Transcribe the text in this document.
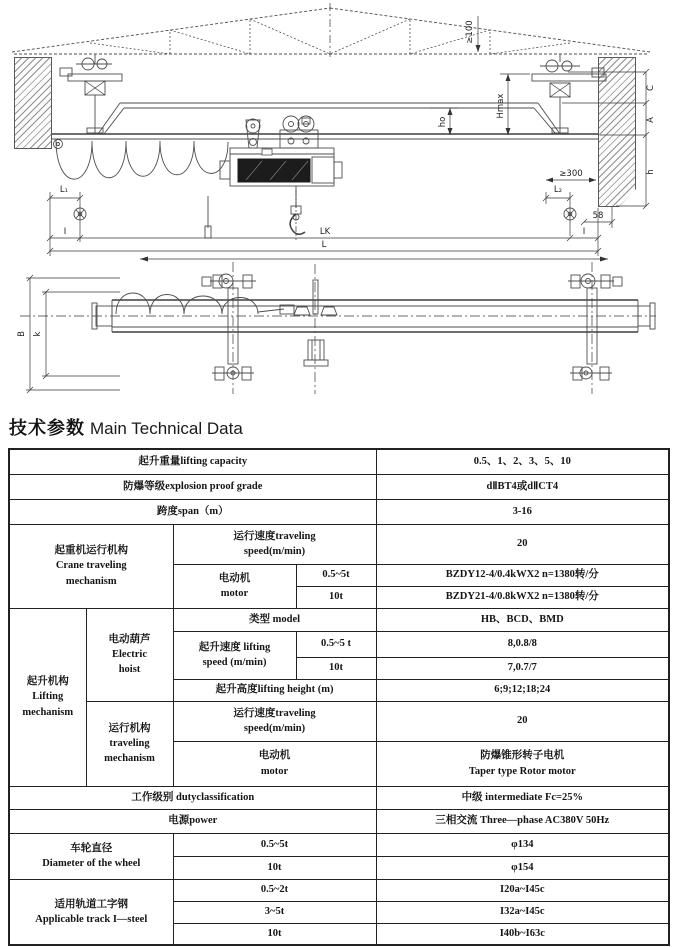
≥100
Hmax
ho
≥300
L₂
58
L₁
I	LK	I
L
C
A
h
B k
技术参数 Main Technical Data
起升重量lifting capacity				0.5、1、2、3、5、10
防爆等级explosion proof grade				dⅡBT4或dⅡCT4
跨度span（m）				3-16

起重机运行机构
Crane traveling
mechanism		运行速度traveling
speed(m/min)		20

		电动机
motor	0.5~5t	BZDY12-4/0.4kWX2 n=1380转/分
			10t	BZDY21-4/0.8kWX2 n=1380转/分

起升机构
Lifting
mechanism	电动葫芦
Electric
hoist	类型 model		HB、BCD、BMD

		起升速度 lifting
speed (m/min)	0.5~5 t	8,0.8/8
			10t	7,0.7/7
		起升高度lifting height (m)		6;9;12;18;24

	运行机构
traveling
mechanism	运行速度traveling
speed(m/min)		20

		电动机
motor		防爆锥形转子电机
Taper type Rotor motor

工作级别 dutyclassification				中级 intermediate Fc=25%
电源power				三相交流 Three—phase AC380V 50Hz

车轮直径
Diameter of the wheel		0.5~5t		φ134
		10t		φ154

适用轨道工字钢
Applicable track I—steel		0.5~2t		I20a~I45c
		3~5t		I32a~I45c
		10t		I40b~I63c
